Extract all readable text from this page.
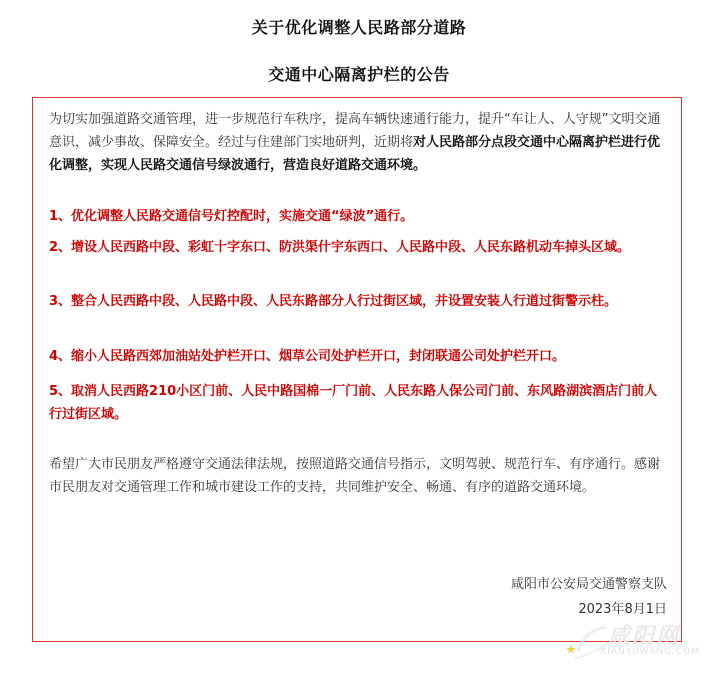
关于优化调整人民路部分道路
交通中心隔离护栏的公告

为切实加强道路交通管理，进一步规范行车秩序，提高车辆快速通行能力，提升“车让人、人守规”文明交通意识，减少事故、保障安全。经过与住建部门实地研判，近期将对人民路部分点段交通中心隔离护栏进行优化调整，实现人民路交通信号绿波通行，营造良好道路交通环境。

1、优化调整人民路交通信号灯控配时，实施交通“绿波”通行。

2、增设人民西路中段、彩虹十字东口、防洪渠什宇东西口、人民路中段、人民东路机动车掉头区域。

3、整合人民西路中段、人民路中段、人民东路部分人行过街区域，并设置安装人行道过街警示柱。

4、缩小人民路西郊加油站处护栏开口、烟草公司处护栏开口，封闭联通公司处护栏开口。

5、取消人民西路210小区门前、人民中路国棉一厂门前、人民东路人保公司门前、东风路湖滨酒店门前人行过街区域。

希望广大市民朋友严格遵守交通法律法规，按照道路交通信号指示，文明驾驶、规范行车、有序通行。感谢市民朋友对交通管理工作和城市建设工作的支持，共同维护安全、畅通、有序的道路交通环境。

咸阳市公安局交通警察支队
2023年8月1日
咸阳网
XIANYUWANG.COM
